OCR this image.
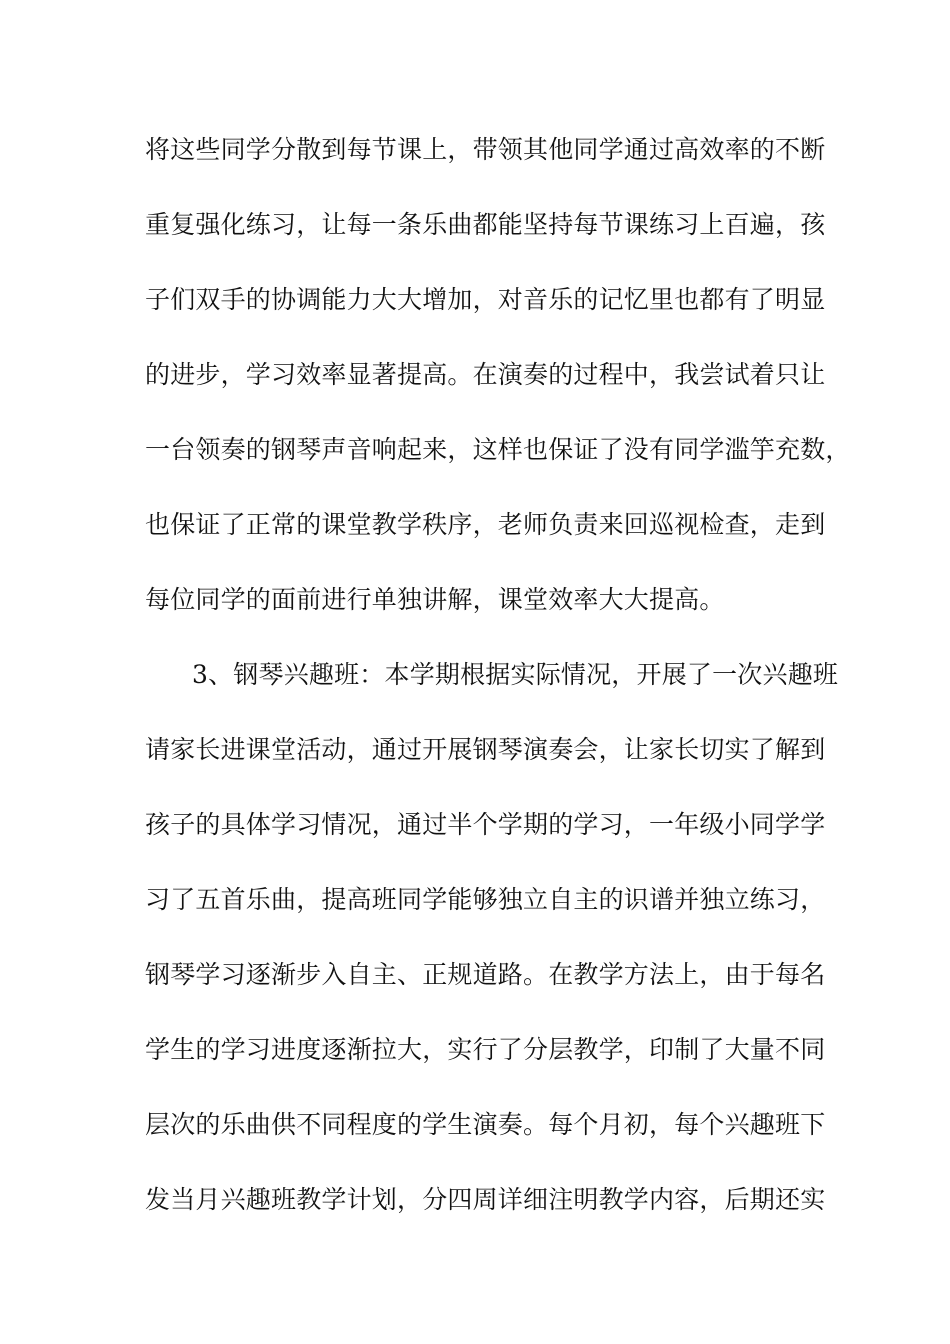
将这些同学分散到每节课上，带领其他同学通过高效率的不断
重复强化练习，让每一条乐曲都能坚持每节课练习上百遍，孩
子们双手的协调能力大大增加，对音乐的记忆里也都有了明显
的进步，学习效率显著提高。在演奏的过程中，我尝试着只让
一台领奏的钢琴声音响起来，这样也保证了没有同学滥竽充数，
也保证了正常的课堂教学秩序，老师负责来回巡视检查，走到
每位同学的面前进行单独讲解，课堂效率大大提高。
3、钢琴兴趣班：本学期根据实际情况，开展了一次兴趣班
请家长进课堂活动，通过开展钢琴演奏会，让家长切实了解到
孩子的具体学习情况，通过半个学期的学习，一年级小同学学
习了五首乐曲，提高班同学能够独立自主的识谱并独立练习，
钢琴学习逐渐步入自主、正规道路。在教学方法上，由于每名
学生的学习进度逐渐拉大，实行了分层教学，印制了大量不同
层次的乐曲供不同程度的学生演奏。每个月初，每个兴趣班下
发当月兴趣班教学计划，分四周详细注明教学内容，后期还实
